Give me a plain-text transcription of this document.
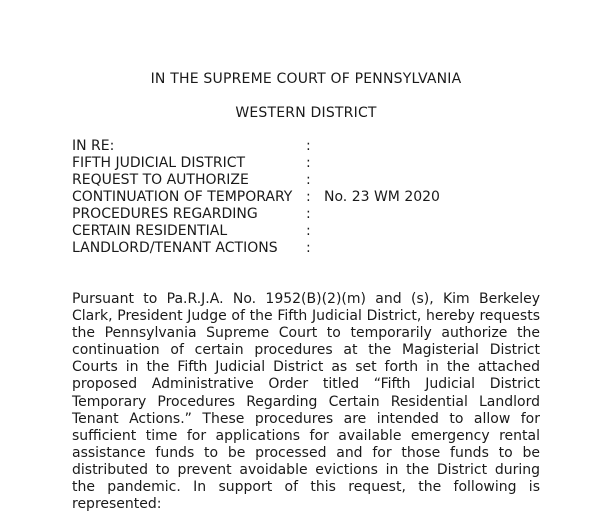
IN THE SUPREME COURT OF PENNSYLVANIA
WESTERN DISTRICT
IN RE:	:
FIFTH JUDICIAL DISTRICT	:
REQUEST TO AUTHORIZE	:
CONTINUATION OF TEMPORARY : No. 23 WM 2020
PROCEDURES REGARDING	:
CERTAIN RESIDENTIAL	:
LANDLORD/TENANT ACTIONS :

Pursuant to Pa.R.J.A. No. 1952(B)(2)(m) and (s), Kim Berkeley Clark, President Judge of the Fifth Judicial District, hereby requests the Pennsylvania Supreme Court to temporarily authorize the continuation of certain procedures at the Magisterial District Courts in the Fifth Judicial District as set forth in the attached proposed Administrative Order titled “Fifth Judicial District Temporary Procedures Regarding Certain Residential Landlord Tenant Actions.” These procedures are intended to allow for sufficient time for applications for available emergency rental assistance funds to be processed and for those funds to be distributed to prevent avoidable evictions in the District during the pandemic. In support of this request, the following is represented:
